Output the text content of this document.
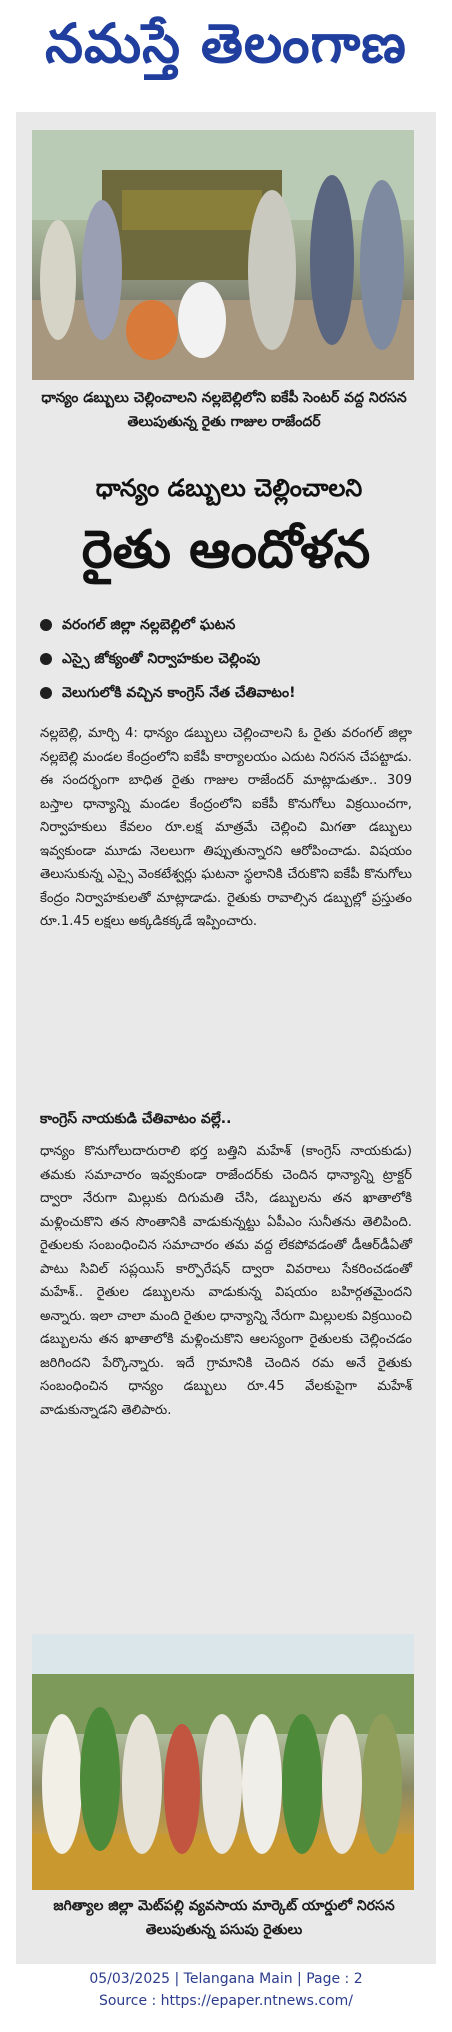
నమస్తే తెలంగాణ

ధాన్యం డబ్బులు చెల్లించాలని నల్లబెల్లిలోని ఐకేపీ సెంటర్ వద్ద నిరసన తెలుపుతున్న రైతు గాజుల రాజేందర్

ధాన్యం డబ్బులు చెల్లించాలని
రైతు ఆందోళన
వరంగల్ జిల్లా నల్లబెల్లిలో ఘటన
ఎస్సై జోక్యంతో నిర్వాహకుల చెల్లింపు
వెలుగులోకి వచ్చిన కాంగ్రెస్ నేత చేతివాటం!

నల్లబెల్లి, మార్చి 4: ధాన్యం డబ్బులు చెల్లించాలని ఓ రైతు వరంగల్ జిల్లా నల్లబెల్లి మండల కేంద్రంలోని ఐకేపీ కార్యాలయం ఎదుట నిరసన చేపట్టాడు. ఈ సందర్భంగా బాధిత రైతు గాజుల రాజేందర్ మాట్లాడుతూ.. 309 బస్తాల ధాన్యాన్ని మండల కేంద్రంలోని ఐకేపీ కొనుగోలు విక్రయించగా, నిర్వాహకులు కేవలం రూ.లక్ష మాత్రమే చెల్లించి మిగతా డబ్బులు ఇవ్వకుండా మూడు నెలలుగా తిప్పుతున్నారని ఆరోపించాడు. విషయం తెలుసుకున్న ఎస్సై వెంకటేశ్వర్లు ఘటనా స్థలానికి చేరుకొని ఐకేపీ కొనుగోలు కేంద్రం నిర్వాహకులతో మాట్లాడాడు. రైతుకు రావాల్సిన డబ్బుల్లో ప్రస్తుతం రూ.1.45 లక్షలు అక్కడికక్కడే ఇప్పించారు.

కాంగ్రెస్ నాయకుడి చేతివాటం వల్లే..

ధాన్యం కొనుగోలుదారురాలి భర్త బత్తిని మహేశ్ (కాంగ్రెస్ నాయకుడు) తమకు సమాచారం ఇవ్వకుండా రాజేందర్‌కు చెందిన ధాన్యాన్ని ట్రాక్టర్ ద్వారా నేరుగా మిల్లుకు దిగుమతి చేసి, డబ్బులను తన ఖాతాలోకి మళ్లించుకొని తన సొంతానికి వాడుకున్నట్టు ఏపీఎం సునీతను తెలిపింది. రైతులకు సంబంధించిన సమాచారం తమ వద్ద లేకపోవడంతో డీఆర్‌డీఏతో పాటు సివిల్ సప్లయిస్ కార్పొరేషన్ ద్వారా వివరాలు సేకరించడంతో మహేశ్.. రైతుల డబ్బులను వాడుకున్న విషయం బహిర్గతమైందని అన్నారు. ఇలా చాలా మంది రైతుల ధాన్యాన్ని నేరుగా మిల్లులకు విక్రయించి డబ్బులను తన ఖాతాలోకి మళ్లించుకొని ఆలస్యంగా రైతులకు చెల్లించడం జరిగిందని పేర్కొన్నారు. ఇదే గ్రామానికి చెందిన రమ అనే రైతుకు సంబంధించిన ధాన్యం డబ్బులు రూ.45 వేలకుపైగా మహేశ్ వాడుకున్నాడని తెలిపారు.

జగిత్యాల జిల్లా మెట్‌పల్లి వ్యవసాయ మార్కెట్ యార్డులో నిరసన తెలుపుతున్న పసుపు రైతులు

05/03/2025 | Telangana Main | Page : 2
Source : https://epaper.ntnews.com/
